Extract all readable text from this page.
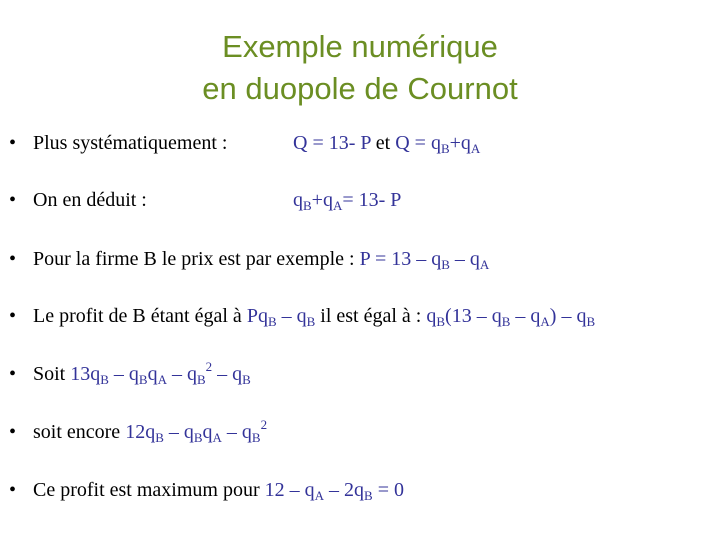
Exemple numérique
en duopole de Cournot
• Plus systématiquement :	Q = 13- P et $Q = q_B+q_A$
• On en déduit :	$q_B+q_A= 13-$ P
• Pour la firme B le prix est par exemple : $P = 13 - q_B - q_A$
• Le profit de B étant égal à $Pq_B - q_B$ il est égal à : $q_B(13 - q_B - q_A) - q_B$
• Soit $13q_B - q_Bq_A - q_B^2 - q_B$
• soit encore $12q_B - q_Bq_A - q_B^2$
• Ce profit est maximum pour $12 - q_A - 2q_B = 0$
